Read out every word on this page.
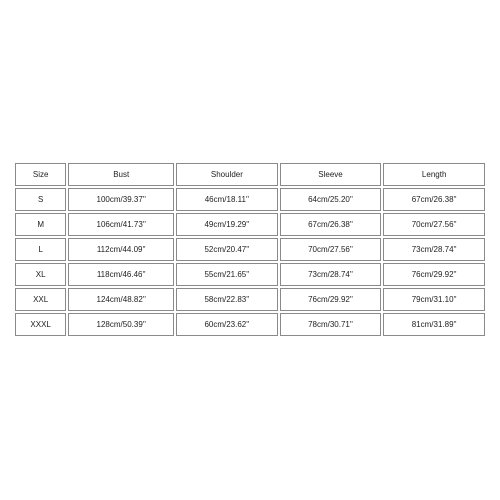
Size	Bust	Shoulder	Sleeve	Length
S	100cm/39.37''	46cm/18.11''	64cm/25.20''	67cm/26.38''
M	106cm/41.73''	49cm/19.29''	67cm/26.38''	70cm/27.56''
L	112cm/44.09''	52cm/20.47''	70cm/27.56''	73cm/28.74''
XL	118cm/46.46''	55cm/21.65''	73cm/28.74''	76cm/29.92''
XXL	124cm/48.82''	58cm/22.83''	76cm/29.92''	79cm/31.10''
XXXL	128cm/50.39''	60cm/23.62''	78cm/30.71''	81cm/31.89''
